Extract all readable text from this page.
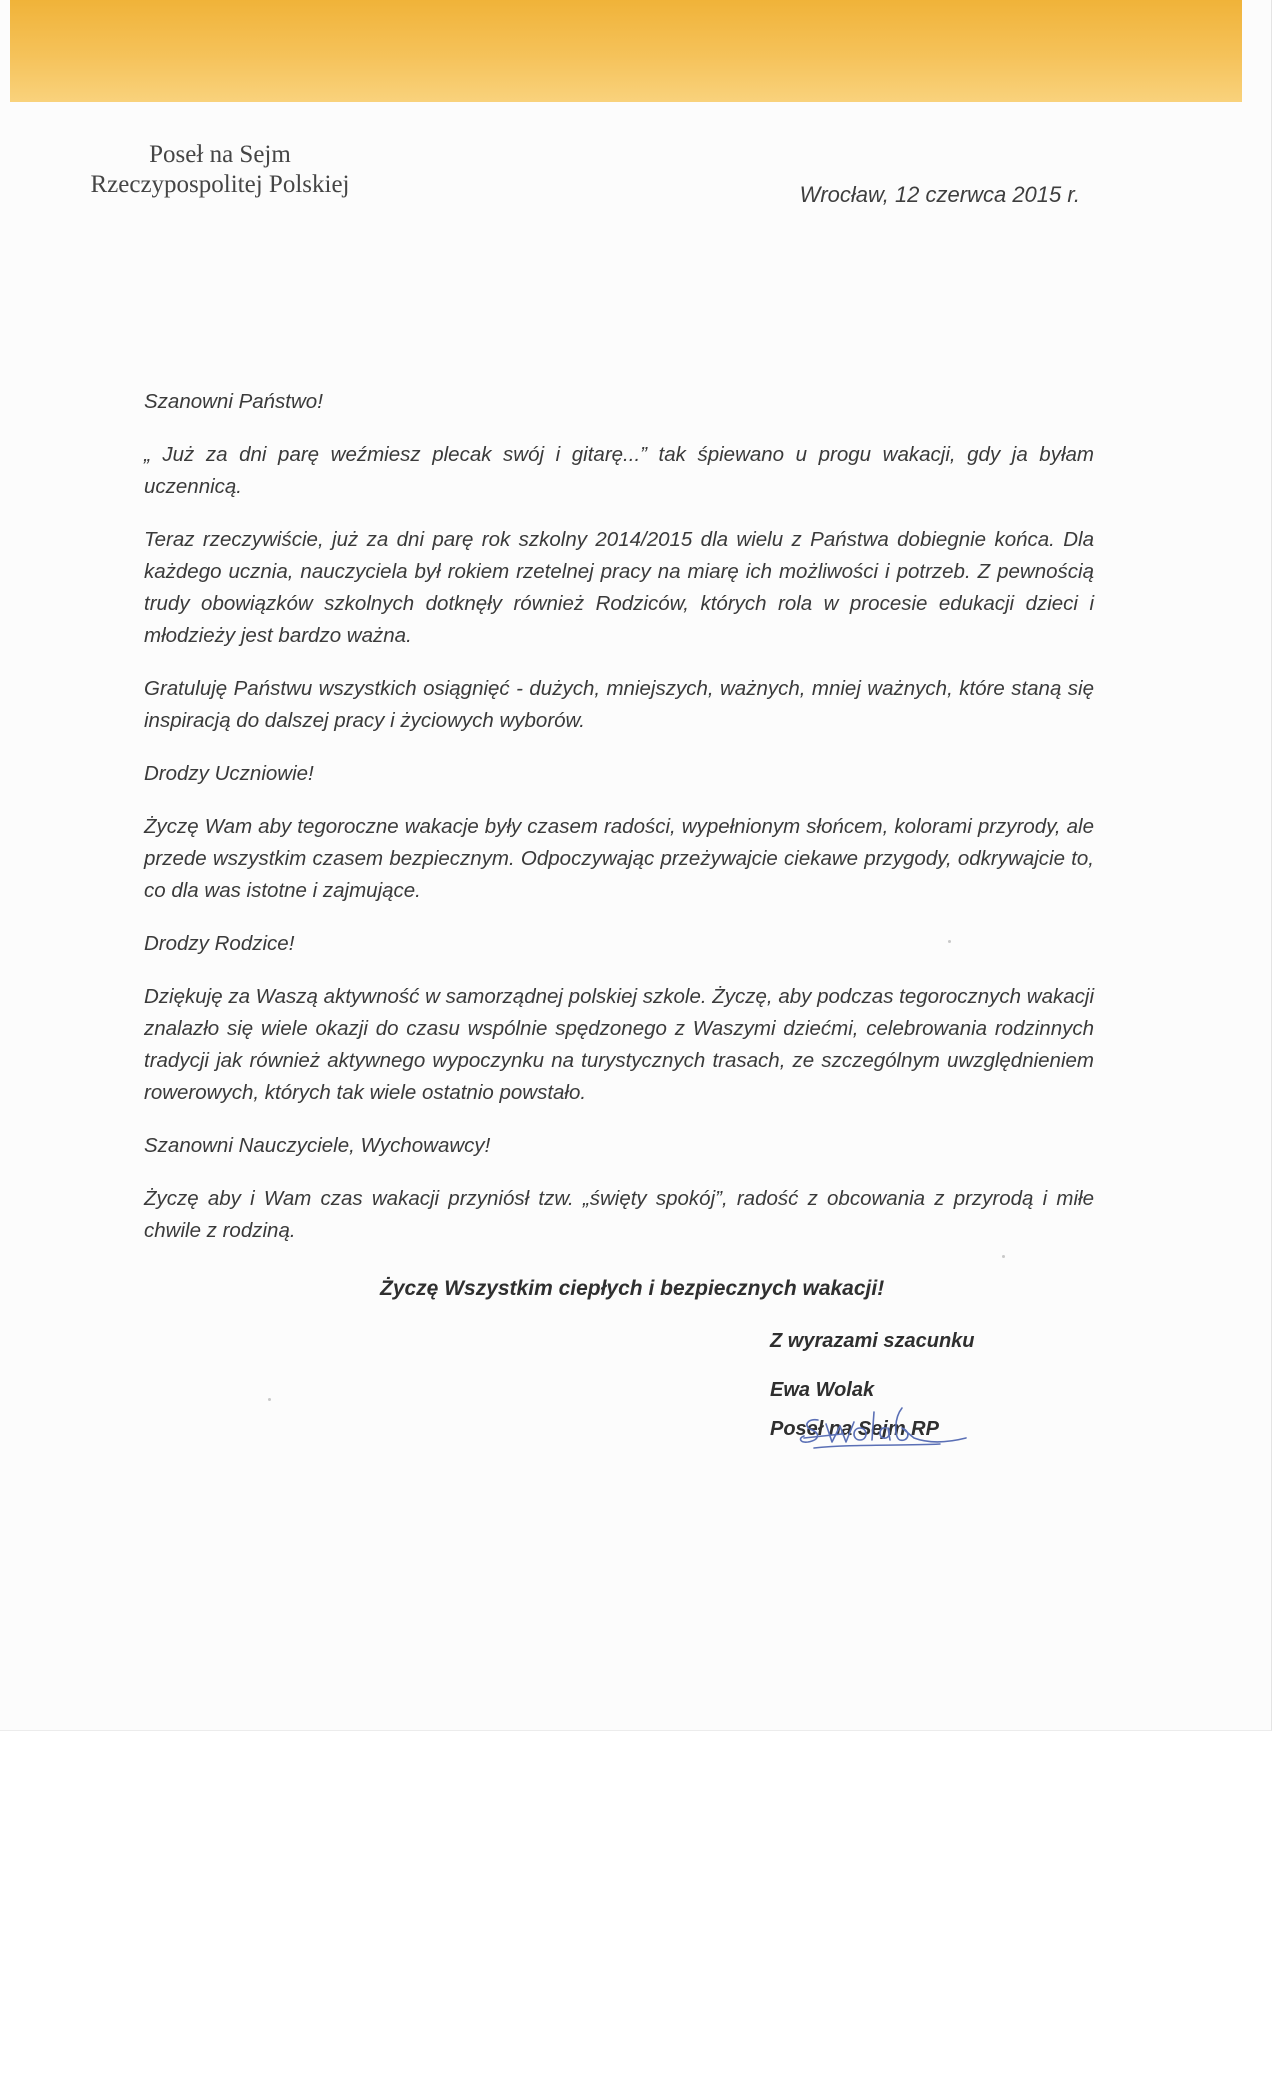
Poseł na Sejm
Rzeczypospolitej Polskiej	Wrocław, 12 czerwca 2015 r.

Szanowni Państwo!

„ Już za dni parę weźmiesz plecak swój i gitarę...” tak śpiewano u progu wakacji, gdy ja byłam uczennicą.

Teraz rzeczywiście, już za dni parę rok szkolny 2014/2015 dla wielu z Państwa dobiegnie końca. Dla każdego ucznia, nauczyciela był rokiem rzetelnej pracy na miarę ich możliwości i potrzeb. Z pewnością trudy obowiązków szkolnych dotknęły również Rodziców, których rola w procesie edukacji dzieci i młodzieży jest bardzo ważna.

Gratuluję Państwu wszystkich osiągnięć - dużych, mniejszych, ważnych, mniej ważnych, które staną się inspiracją do dalszej pracy i życiowych wyborów.

Drodzy Uczniowie!

Życzę Wam aby tegoroczne wakacje były czasem radości, wypełnionym słońcem, kolorami przyrody, ale przede wszystkim czasem bezpiecznym. Odpoczywając przeżywajcie ciekawe przygody, odkrywajcie to, co dla was istotne i zajmujące.

Drodzy Rodzice!

Dziękuję za Waszą aktywność w samorządnej polskiej szkole. Życzę, aby podczas tegorocznych wakacji znalazło się wiele okazji do czasu wspólnie spędzonego z Waszymi dziećmi, celebrowania rodzinnych tradycji jak również aktywnego wypoczynku na turystycznych trasach, ze szczególnym uwzględnieniem rowerowych, których tak wiele ostatnio powstało.

Szanowni Nauczyciele, Wychowawcy!

Życzę aby i Wam czas wakacji przyniósł tzw. „święty spokój”, radość z obcowania z przyrodą i miłe chwile z rodziną.

Życzę Wszystkim ciepłych i bezpiecznych wakacji!
Z wyrazami szacunku
Ewa Wolak
Poseł na Sejm RP
